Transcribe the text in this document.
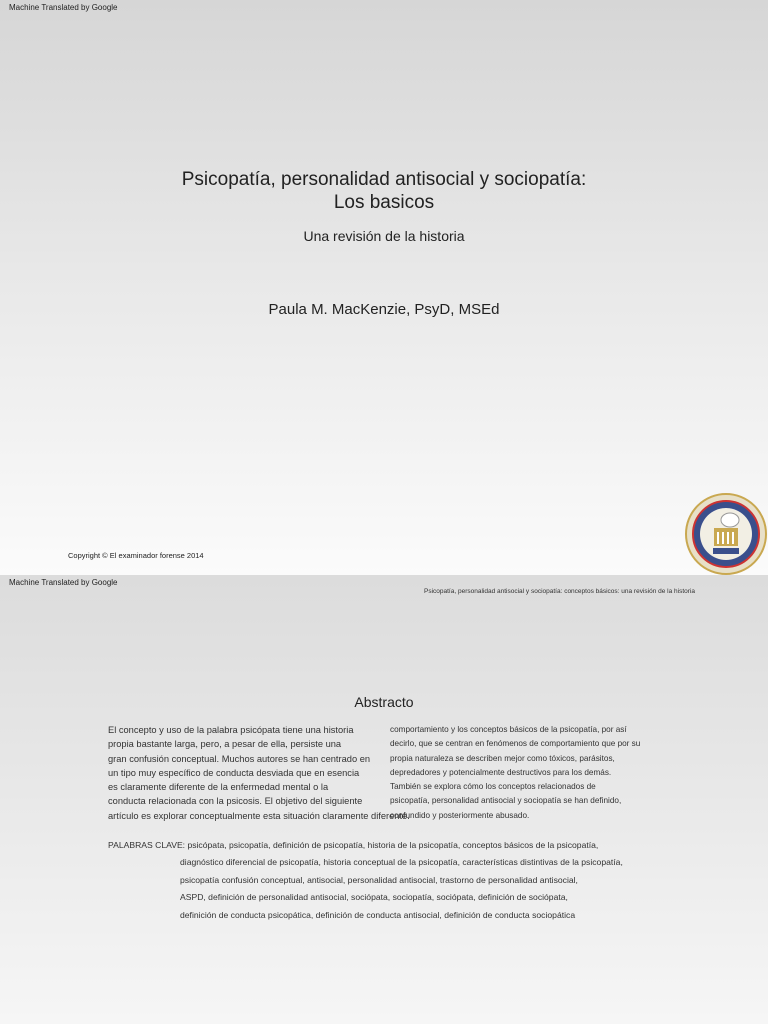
Machine Translated by Google
Psicopatía, personalidad antisocial y sociopatía:
Los basicos
Una revisión de la historia
Paula M. MacKenzie, PsyD, MSEd
Copyright © El examinador forense 2014
Machine Translated by Google
Psicopatía, personalidad antisocial y sociopatía: conceptos básicos: una revisión de la historia
Abstracto
El concepto y uso de la palabra psicópata tiene una historia
propia bastante larga, pero, a pesar de ella, persiste una
gran confusión conceptual. Muchos autores se han centrado en
un tipo muy específico de conducta desviada que en esencia
es claramente diferente de la enfermedad mental o la
conducta relacionada con la psicosis. El objetivo del siguiente
artículo es explorar conceptualmente esta situación claramente diferente.
comportamiento y los conceptos básicos de la psicopatía, por así
decirlo, que se centran en fenómenos de comportamiento que por su
propia naturaleza se describen mejor como tóxicos, parásitos,
depredadores y potencialmente destructivos para los demás.
También se explora cómo los conceptos relacionados de
psicopatía, personalidad antisocial y sociopatía se han definido,
confundido y posteriormente abusado.
PALABRAS CLAVE: psicópata, psicopatía, definición de psicopatía, historia de la psicopatía, conceptos básicos de la psicopatía,
diagnóstico diferencial de psicopatía, historia conceptual de la psicopatía, características distintivas de la psicopatía,
psicopatía confusión conceptual, antisocial, personalidad antisocial, trastorno de personalidad antisocial,
ASPD, definición de personalidad antisocial, sociópata, sociopatía, sociópata, definición de sociópata,
definición de conducta psicopática, definición de conducta antisocial, definición de conducta sociopática
